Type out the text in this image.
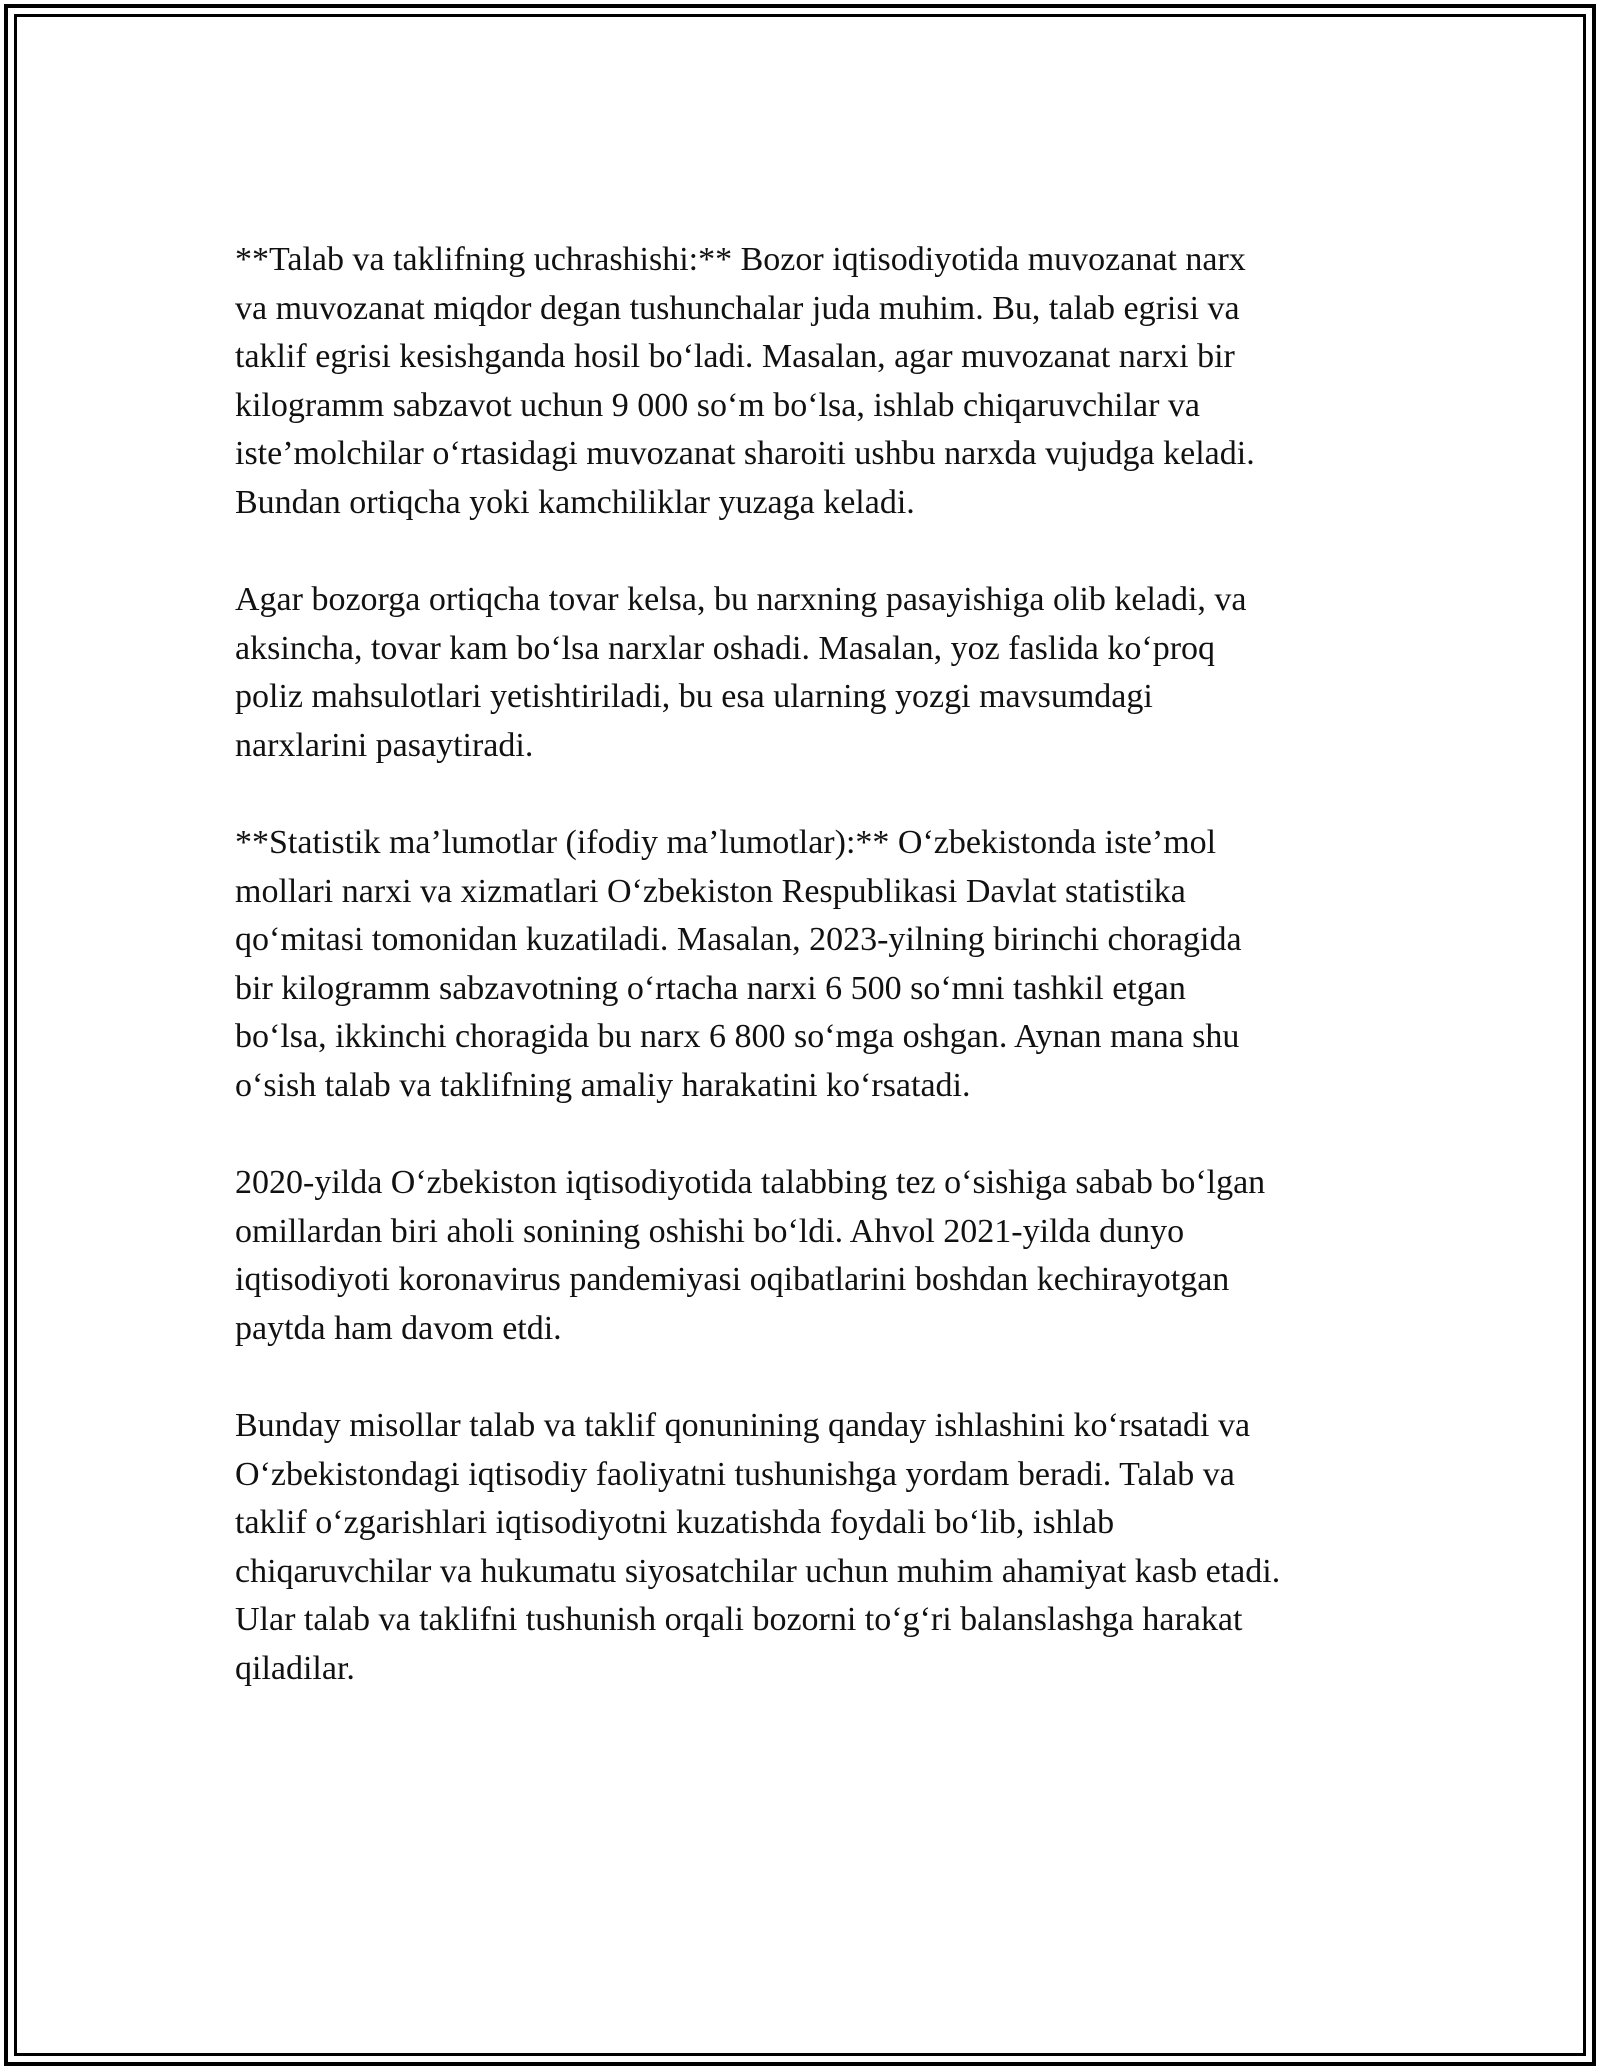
**Talab va taklifning uchrashishi:** Bozor iqtisodiyotida muvozanat narx
va muvozanat miqdor degan tushunchalar juda muhim. Bu, talab egrisi va
taklif egrisi kesishganda hosil bo‘ladi. Masalan, agar muvozanat narxi bir
kilogramm sabzavot uchun 9 000 so‘m bo‘lsa, ishlab chiqaruvchilar va
iste’molchilar o‘rtasidagi muvozanat sharoiti ushbu narxda vujudga keladi.
Bundan ortiqcha yoki kamchiliklar yuzaga keladi.

Agar bozorga ortiqcha tovar kelsa, bu narxning pasayishiga olib keladi, va
aksincha, tovar kam bo‘lsa narxlar oshadi. Masalan, yoz faslida ko‘proq
poliz mahsulotlari yetishtiriladi, bu esa ularning yozgi mavsumdagi
narxlarini pasaytiradi.

**Statistik ma’lumotlar (ifodiy ma’lumotlar):** O‘zbekistonda iste’mol
mollari narxi va xizmatlari O‘zbekiston Respublikasi Davlat statistika
qo‘mitasi tomonidan kuzatiladi. Masalan, 2023-yilning birinchi choragida
bir kilogramm sabzavotning o‘rtacha narxi 6 500 so‘mni tashkil etgan
bo‘lsa, ikkinchi choragida bu narx 6 800 so‘mga oshgan. Aynan mana shu
o‘sish talab va taklifning amaliy harakatini ko‘rsatadi.

2020-yilda O‘zbekiston iqtisodiyotida talabbing tez o‘sishiga sabab bo‘lgan
omillardan biri aholi sonining oshishi bo‘ldi. Ahvol 2021-yilda dunyo
iqtisodiyoti koronavirus pandemiyasi oqibatlarini boshdan kechirayotgan
paytda ham davom etdi.

Bunday misollar talab va taklif qonunining qanday ishlashini ko‘rsatadi va
O‘zbekistondagi iqtisodiy faoliyatni tushunishga yordam beradi. Talab va
taklif o‘zgarishlari iqtisodiyotni kuzatishda foydali bo‘lib, ishlab
chiqaruvchilar va hukumatu siyosatchilar uchun muhim ahamiyat kasb etadi.
Ular talab va taklifni tushunish orqali bozorni to‘g‘ri balanslashga harakat
qiladilar.
